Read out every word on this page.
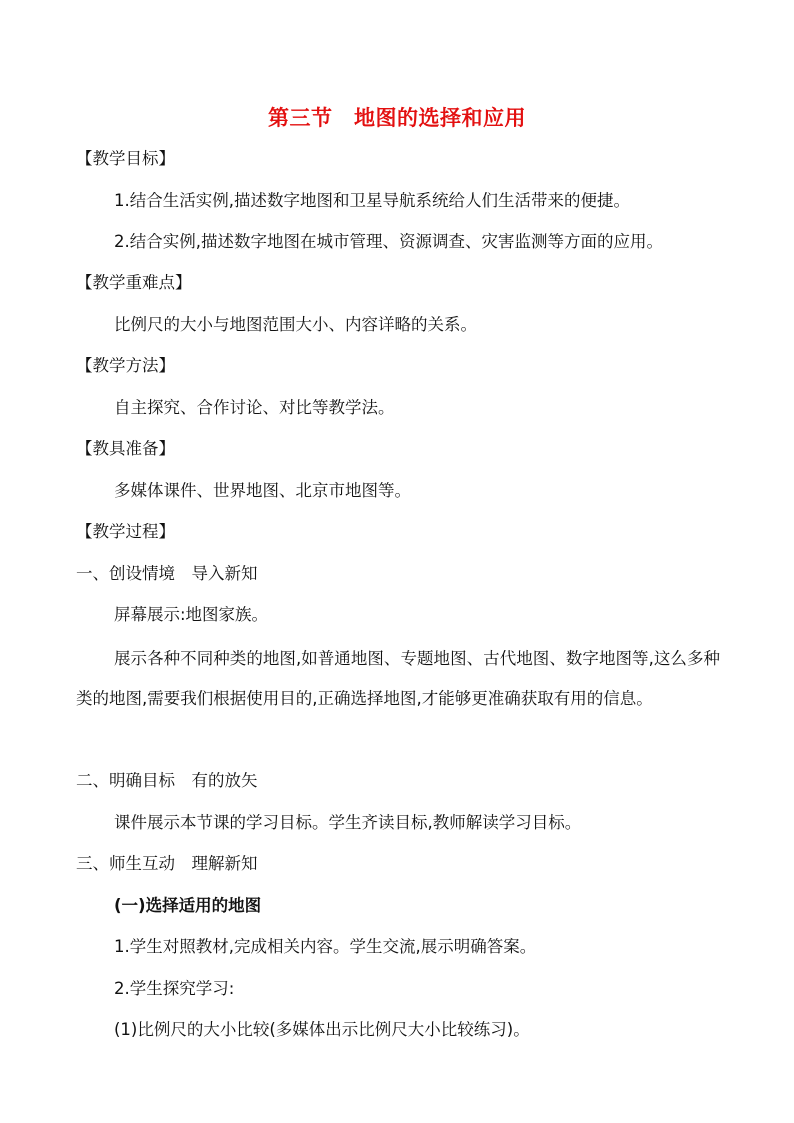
第三节　地图的选择和应用
【教学目标】
1.结合生活实例,描述数字地图和卫星导航系统给人们生活带来的便捷。
2.结合实例,描述数字地图在城市管理、资源调查、灾害监测等方面的应用。
【教学重难点】
比例尺的大小与地图范围大小、内容详略的关系。
【教学方法】
自主探究、合作讨论、对比等教学法。
【教具准备】
多媒体课件、世界地图、北京市地图等。
【教学过程】
一、创设情境　导入新知
屏幕展示:地图家族。
展示各种不同种类的地图,如普通地图、专题地图、古代地图、数字地图等,这么多种类的地图,需要我们根据使用目的,正确选择地图,才能够更准确获取有用的信息。
二、明确目标　有的放矢
课件展示本节课的学习目标。学生齐读目标,教师解读学习目标。
三、师生互动　理解新知
(一)选择适用的地图
1.学生对照教材,完成相关内容。学生交流,展示明确答案。
2.学生探究学习:
(1)比例尺的大小比较(多媒体出示比例尺大小比较练习)。
